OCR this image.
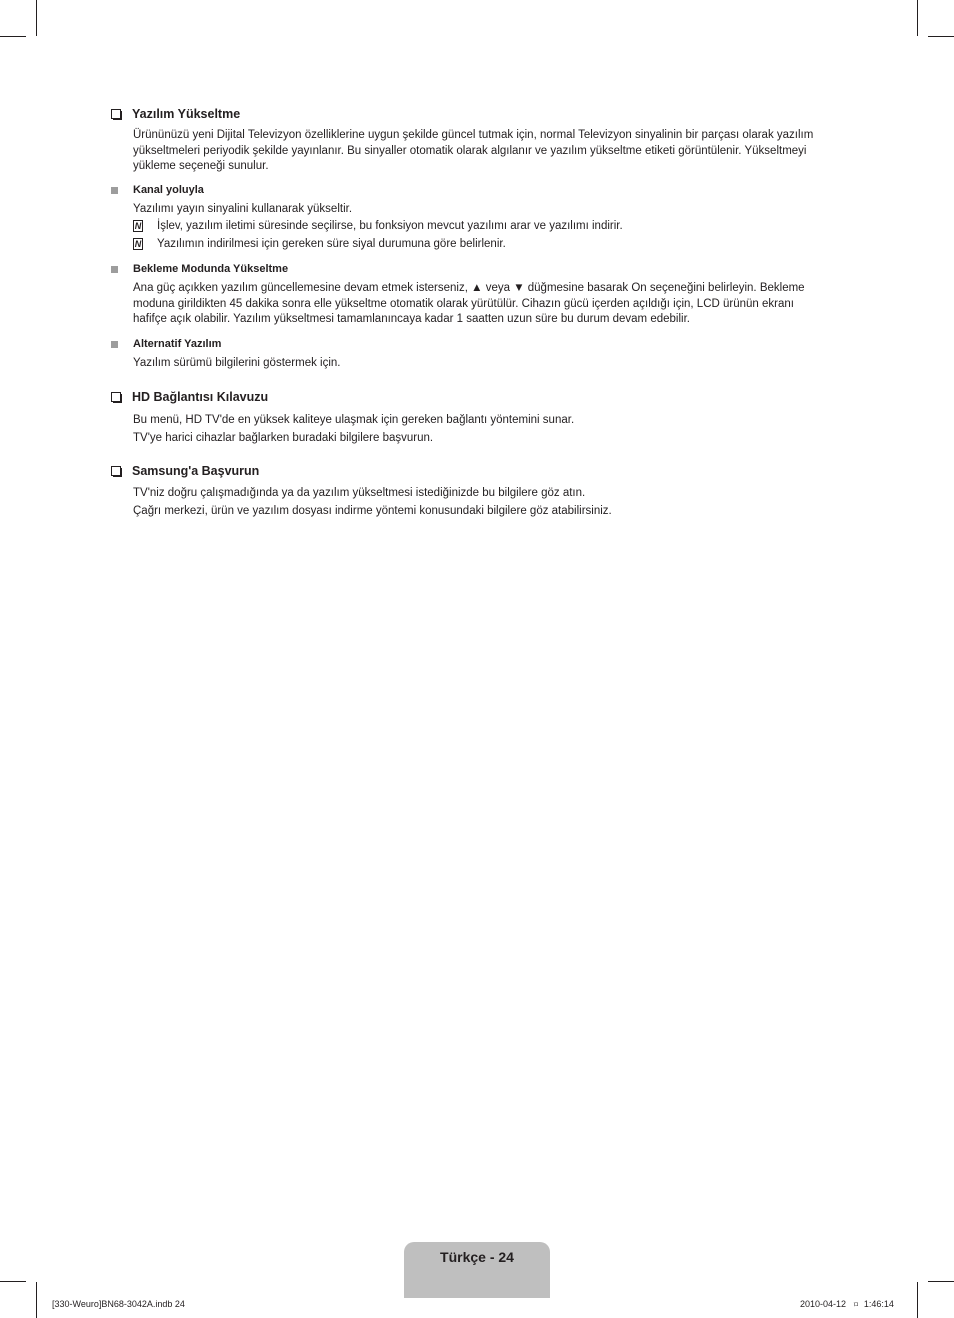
Yazılım Yükseltme
Ürününüzü yeni Dijital Televizyon özelliklerine uygun şekilde güncel tutmak için, normal Televizyon sinyalinin bir parçası olarak yazılım yükseltmeleri periyodik şekilde yayınlanır. Bu sinyaller otomatik olarak algılanır ve yazılım yükseltme etiketi görüntülenir. Yükseltmeyi yükleme seçeneği sunulur.
Kanal yoluyla
Yazılımı yayın sinyalini kullanarak yükseltir.
N İşlev, yazılım iletimi süresinde seçilirse, bu fonksiyon mevcut yazılımı arar ve yazılımı indirir.
N Yazılımın indirilmesi için gereken süre siyal durumuna göre belirlenir.
Bekleme Modunda Yükseltme
Ana güç açıkken yazılım güncellemesine devam etmek isterseniz, ▲ veya ▼ düğmesine basarak On seçeneğini belirleyin. Bekleme moduna girildikten 45 dakika sonra elle yükseltme otomatik olarak yürütülür. Cihazın gücü içerden açıldığı için, LCD ürünün ekranı hafifçe açık olabilir. Yazılım yükseltmesi tamamlanıncaya kadar 1 saatten uzun süre bu durum devam edebilir.
Alternatif Yazılım
Yazılım sürümü bilgilerini göstermek için.
HD Bağlantısı Kılavuzu
Bu menü, HD TV'de en yüksek kaliteye ulaşmak için gereken bağlantı yöntemini sunar.
TV'ye harici cihazlar bağlarken buradaki bilgilere başvurun.
Samsung'a Başvurun
TV'niz doğru çalışmadığında ya da yazılım yükseltmesi istediğinizde bu bilgilere göz atın.
Çağrı merkezi, ürün ve yazılım dosyası indirme yöntemi konusundaki bilgilere göz atabilirsiniz.
Türkçe - 24
[330-Weuro]BN68-3042A.indb 24	2010-04-12 ㅁ 1:46:14
